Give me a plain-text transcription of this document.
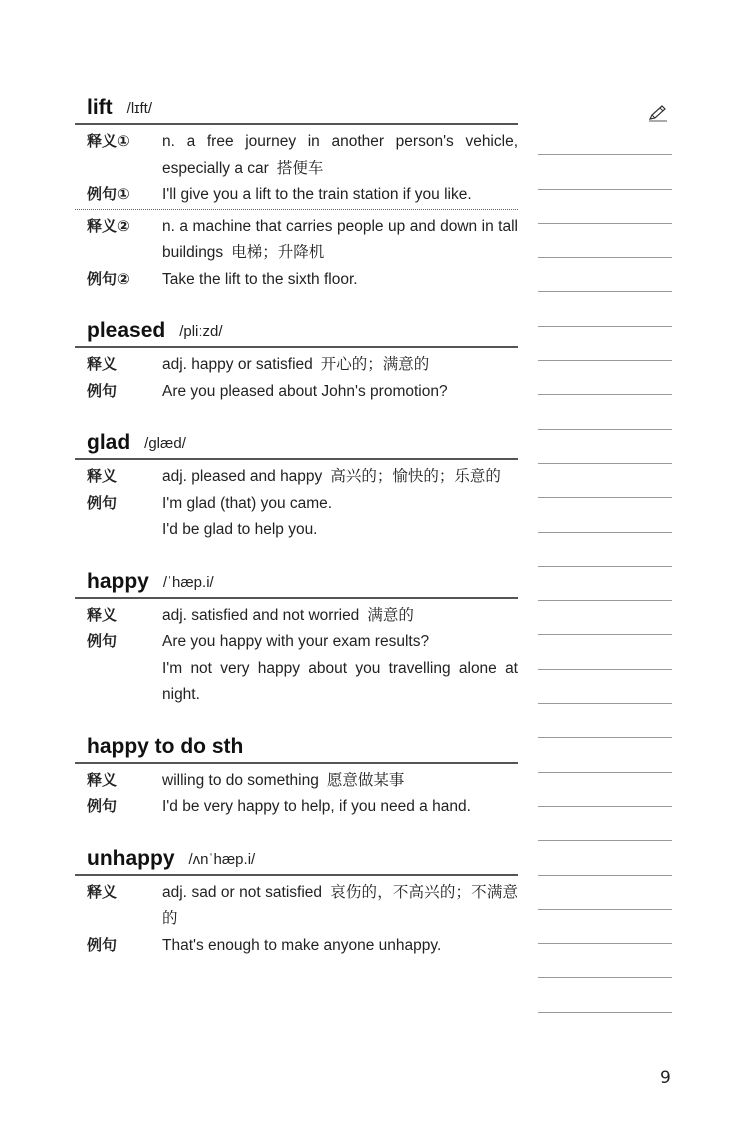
lift /lɪft/
释义①	n. a free journey in another person's vehicle, especially a car 搭便车
例句①	I'll give you a lift to the train station if you like.
释义②	n. a machine that carries people up and down in tall buildings 电梯；升降机
例句②	Take the lift to the sixth floor.
pleased /pliːzd/
释义	adj. happy or satisfied 开心的；满意的
例句	Are you pleased about John's promotion?
glad /glæd/
释义	adj. pleased and happy 高兴的；愉快的；乐意的
例句	I'm glad (that) you came.
I'd be glad to help you.
happy /ˈhæp.i/
释义	adj. satisfied and not worried 满意的
例句	Are you happy with your exam results?
I'm not very happy about you travelling alone at night.
happy to do sth
释义	willing to do something 愿意做某事
例句	I'd be very happy to help, if you need a hand.
unhappy /ʌnˈhæp.i/
释义	adj. sad or not satisfied 哀伤的，不高兴的；不满意的
例句	That's enough to make anyone unhappy.
9
